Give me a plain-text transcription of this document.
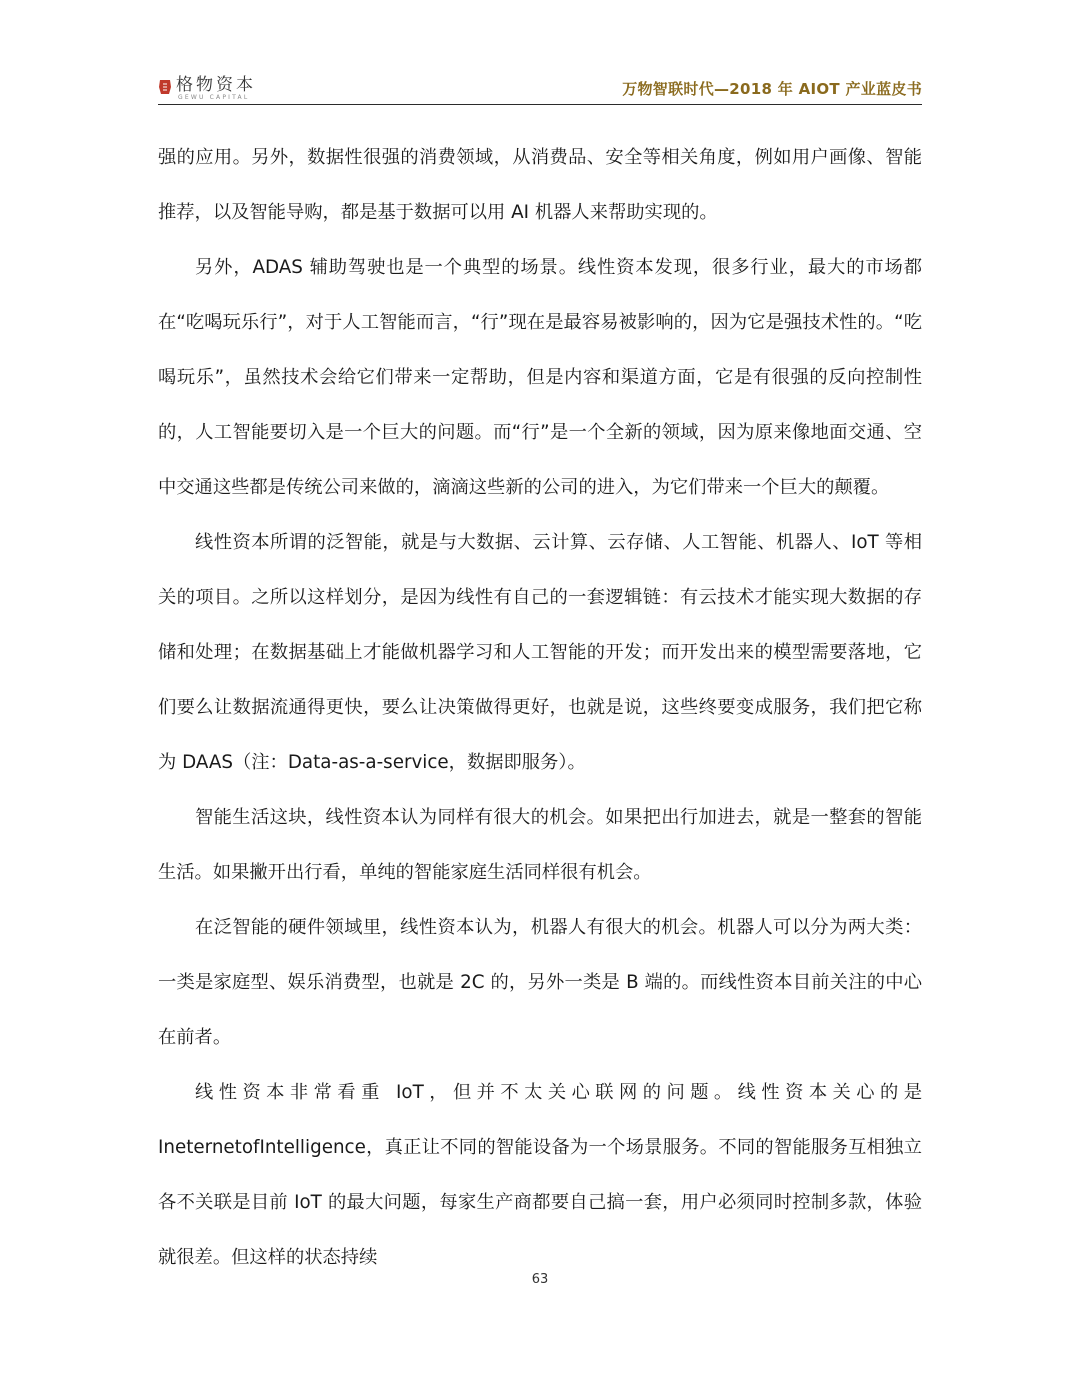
格物资本
GEWU CAPITAL	万物智联时代—2018 年 AIOT 产业蓝皮书

强的应用。另外，数据性很强的消费领域，从消费品、安全等相关角度，例如用户画像、智能推荐，以及智能导购，都是基于数据可以用 AI 机器人来帮助实现的。

另外，ADAS 辅助驾驶也是一个典型的场景。线性资本发现，很多行业，最大的市场都在“吃喝玩乐行”，对于人工智能而言，“行”现在是最容易被影响的，因为它是强技术性的。“吃喝玩乐”，虽然技术会给它们带来一定帮助，但是内容和渠道方面，它是有很强的反向控制性的，人工智能要切入是一个巨大的问题。而“行”是一个全新的领域，因为原来像地面交通、空中交通这些都是传统公司来做的，滴滴这些新的公司的进入，为它们带来一个巨大的颠覆。

线性资本所谓的泛智能，就是与大数据、云计算、云存储、人工智能、机器人、IoT 等相关的项目。之所以这样划分，是因为线性有自己的一套逻辑链：有云技术才能实现大数据的存储和处理；在数据基础上才能做机器学习和人工智能的开发；而开发出来的模型需要落地，它们要么让数据流通得更快，要么让决策做得更好，也就是说，这些终要变成服务，我们把它称为 DAAS（注：Data-as-a-service，数据即服务）。

智能生活这块，线性资本认为同样有很大的机会。如果把出行加进去，就是一整套的智能生活。如果撇开出行看，单纯的智能家庭生活同样很有机会。

在泛智能的硬件领域里，线性资本认为，机器人有很大的机会。机器人可以分为两大类：一类是家庭型、娱乐消费型，也就是 2C 的，另外一类是 B 端的。而线性资本目前关注的中心在前者。

线性资本非常看重 IoT，但并不太关心联网的问题。线性资本关心的是 IneternetofIntelligence，真正让不同的智能设备为一个场景服务。不同的智能服务互相独立各不关联是目前 IoT 的最大问题，每家生产商都要自己搞一套，用户必须同时控制多款，体验就很差。但这样的状态持续

63
